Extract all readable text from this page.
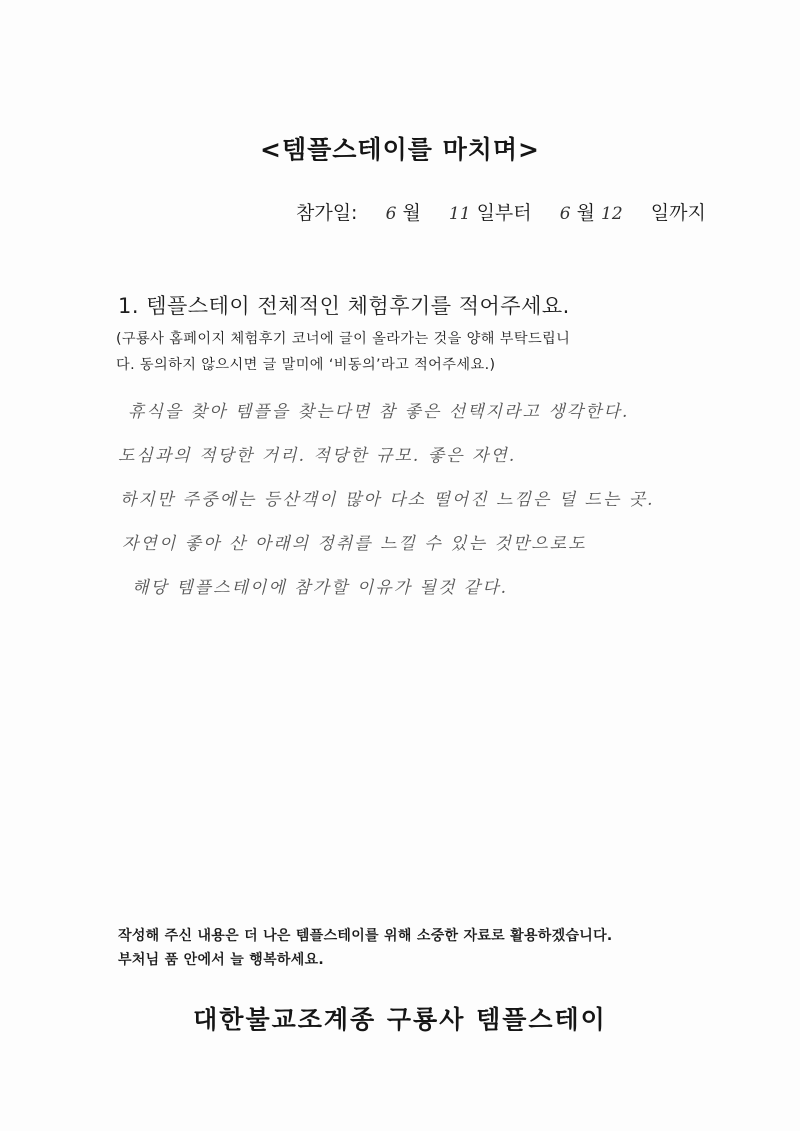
<템플스테이를 마치며>
참가일: 6 월 11 일부터 6 월 12 일까지
1. 템플스테이 전체적인 체험후기를 적어주세요.
(구룡사 홈페이지 체험후기 코너에 글이 올라가는 것을 양해 부탁드립니
다. 동의하지 않으시면 글 말미에 ‘비동의’라고 적어주세요.)
휴식을 찾아 템플을 찾는다면 참 좋은 선택지라고 생각한다.
도심과의 적당한 거리. 적당한 규모. 좋은 자연.
하지만 주중에는 등산객이 많아 다소 떨어진 느낌은 덜 드는 곳.
자연이 좋아 산 아래의 정취를 느낄 수 있는 것만으로도
해당 템플스테이에 참가할 이유가 될것 같다.
작성해 주신 내용은 더 나은 템플스테이를 위해 소중한 자료로 활용하겠습니다.
부처님 품 안에서 늘 행복하세요.
대한불교조계종 구룡사 템플스테이
